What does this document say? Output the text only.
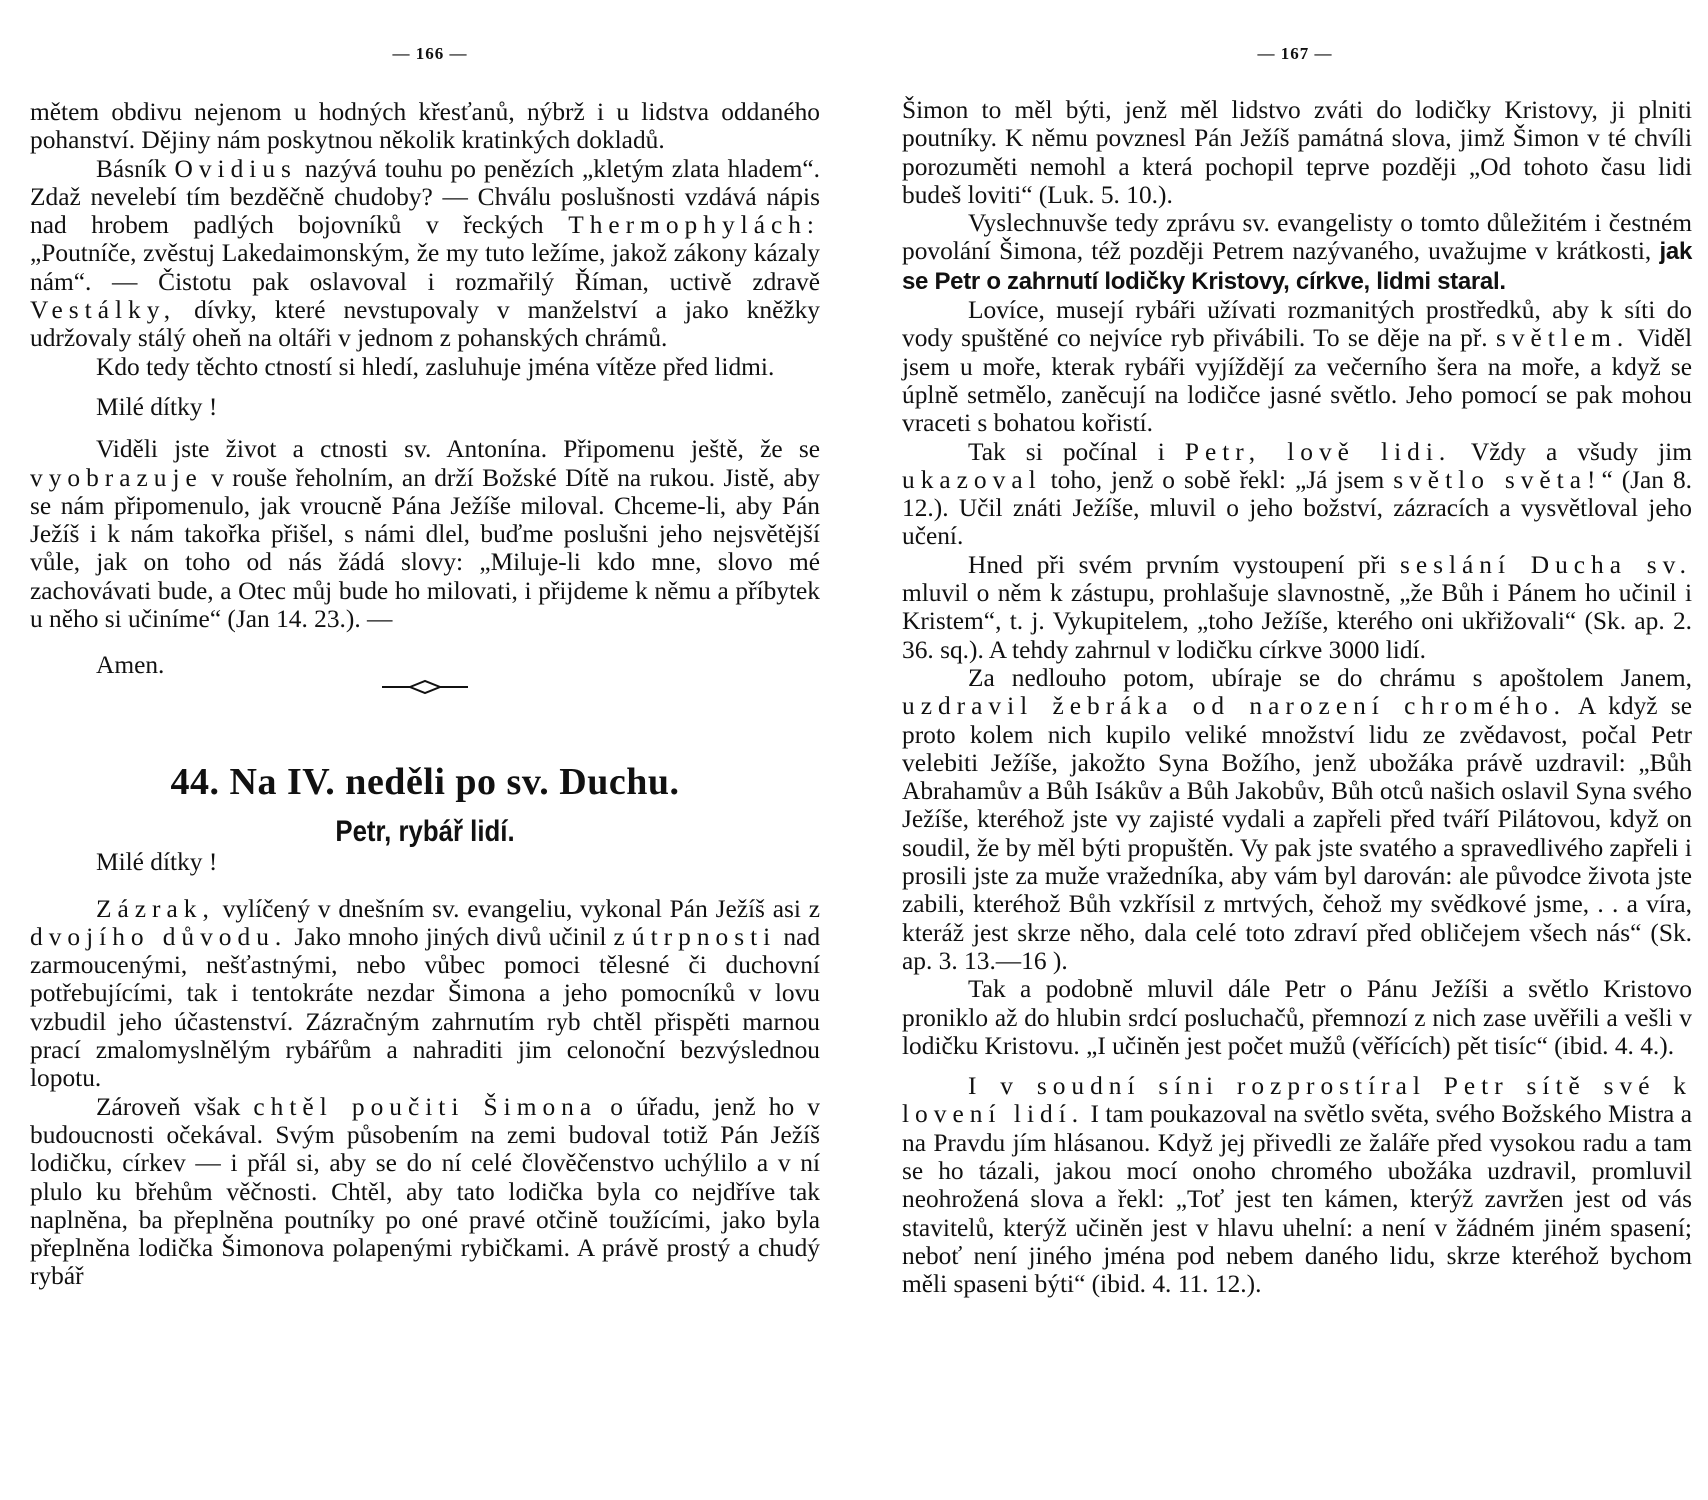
— 166 —

mětem obdivu nejenom u hodných křesťanů, nýbrž i u lidstva oddaného pohanství. Dějiny nám poskytnou několik kratinkých dokladů.

Básník Ovidius nazývá touhu po penězích „kletým zlata hladem“. Zdaž nevelebí tím bezděčně chudoby? — Chválu poslušnosti vzdává nápis nad hrobem padlých bojovníků v řeckých Thermophylách: „Poutníče, zvěstuj Lakedaimonským, že my tuto ležíme, jakož zákony kázaly nám“. — Čistotu pak oslavoval i rozmařilý Říman, uctivě zdravě Vestálky, dívky, které nevstupovaly v manželství a jako kněžky udržovaly stálý oheň na oltáři v jednom z pohanských chrámů.

Kdo tedy těchto ctností si hledí, zasluhuje jména vítěze před lidmi.

Milé dítky !

Viděli jste život a ctnosti sv. Antonína. Připomenu ještě, že se vyobrazuje v rouše řeholním, an drží Božské Dítě na rukou. Jistě, aby se nám připomenulo, jak vroucně Pána Ježíše miloval. Chceme-li, aby Pán Ježíš i k nám takořka přišel, s námi dlel, buďme poslušni jeho nejsvětější vůle, jak on toho od nás žádá slovy: „Miluje-li kdo mne, slovo mé zachovávati bude, a Otec můj bude ho milovati, i přijdeme k němu a příbytek u něho si učiníme“ (Jan 14. 23.). —

Amen.

44. Na IV. neděli po sv. Duchu.
Petr, rybář lidí.

Milé dítky !

Zázrak, vylíčený v dnešním sv. evangeliu, vykonal Pán Ježíš asi z dvojího důvodu. Jako mnoho jiných divů učinil z útrpnosti nad zarmoucenými, nešťastnými, nebo vůbec pomoci tělesné či duchovní potřebujícími, tak i tentokráte nezdar Šimona a jeho pomocníků v lovu vzbudil jeho účastenství. Zázračným zahrnutím ryb chtěl přispěti marnou prací zmalomyslnělým rybářům a nahraditi jim celonoční bezvýslednou lopotu.

Zároveň však chtěl poučiti Šimona o úřadu, jenž ho v budoucnosti očekával. Svým působením na zemi budoval totiž Pán Ježíš lodičku, církev — i přál si, aby se do ní celé člověčenstvo uchýlilo a v ní plulo ku břehům věčnosti. Chtěl, aby tato lodička byla co nejdříve tak naplněna, ba přeplněna poutníky po oné pravé otčině toužícími, jako byla přeplněna lodička Šimonova polapenými rybičkami. A právě prostý a chudý rybář

— 167 —

Šimon to měl býti, jenž měl lidstvo zváti do lodičky Kristovy, ji plniti poutníky. K němu povznesl Pán Ježíš památná slova, jimž Šimon v té chvíli porozuměti nemohl a která pochopil teprve později „Od tohoto času lidi budeš loviti“ (Luk. 5. 10.).

Vyslechnuvše tedy zprávu sv. evangelisty o tomto důležitém i čestném povolání Šimona, též později Petrem nazývaného, uvažujme v krátkosti, jak se Petr o zahrnutí lodičky Kristovy, církve, lidmi staral.

Lovíce, musejí rybáři užívati rozmanitých prostředků, aby k síti do vody spuštěné co nejvíce ryb přivábili. To se děje na př. světlem. Viděl jsem u moře, kterak rybáři vyjíždějí za večerního šera na moře, a když se úplně setmělo, zaněcují na lodičce jasné světlo. Jeho pomocí se pak mohou vraceti s bohatou kořistí.

Tak si počínal i Petr, lově lidi. Vždy a všudy jim ukazoval toho, jenž o sobě řekl: „Já jsem světlo světa!“ (Jan 8. 12.). Učil znáti Ježíše, mluvil o jeho božství, zázracích a vysvětloval jeho učení.

Hned při svém prvním vystoupení při seslání Ducha sv. mluvil o něm k zástupu, prohlašuje slavnostně, „že Bůh i Pánem ho učinil i Kristem“, t. j. Vykupitelem, „toho Ježíše, kterého oni ukřižovali“ (Sk. ap. 2. 36. sq.). A tehdy zahrnul v lodičku církve 3000 lidí.

Za nedlouho potom, ubíraje se do chrámu s apoštolem Janem, uzdravil žebráka od narození chromého. A když se proto kolem nich kupilo veliké množství lidu ze zvědavost, počal Petr velebiti Ježíše, jakožto Syna Božího, jenž ubožáka právě uzdravil: „Bůh Abrahamův a Bůh Isákův a Bůh Jakobův, Bůh otců našich oslavil Syna svého Ježíše, kteréhož jste vy zajisté vydali a zapřeli před tváří Pilátovou, když on soudil, že by měl býti propuštěn. Vy pak jste svatého a spravedlivého zapřeli i prosili jste za muže vražedníka, aby vám byl darován: ale původce života jste zabili, kteréhož Bůh vzkřísil z mrtvých, čehož my svědkové jsme, . . a víra, kteráž jest skrze něho, dala celé toto zdraví před obličejem všech nás“ (Sk. ap. 3. 13.—16 ).

Tak a podobně mluvil dále Petr o Pánu Ježíši a světlo Kristovo proniklo až do hlubin srdcí posluchačů, přemnozí z nich zase uvěřili a vešli v lodičku Kristovu. „I učiněn jest počet mužů (věřících) pět tisíc“ (ibid. 4. 4.).

I v soudní síni rozprostíral Petr sítě své k lovení lidí. I tam poukazoval na světlo světa, svého Božského Mistra a na Pravdu jím hlásanou. Když jej přivedli ze žaláře před vysokou radu a tam se ho tázali, jakou mocí onoho chromého ubožáka uzdravil, promluvil neohrožená slova a řekl: „Toť jest ten kámen, kterýž zavržen jest od vás stavitelů, kterýž učiněn jest v hlavu uhelní: a není v žádném jiném spasení; neboť není jiného jména pod nebem daného lidu, skrze kteréhož bychom měli spaseni býti“ (ibid. 4. 11. 12.).
